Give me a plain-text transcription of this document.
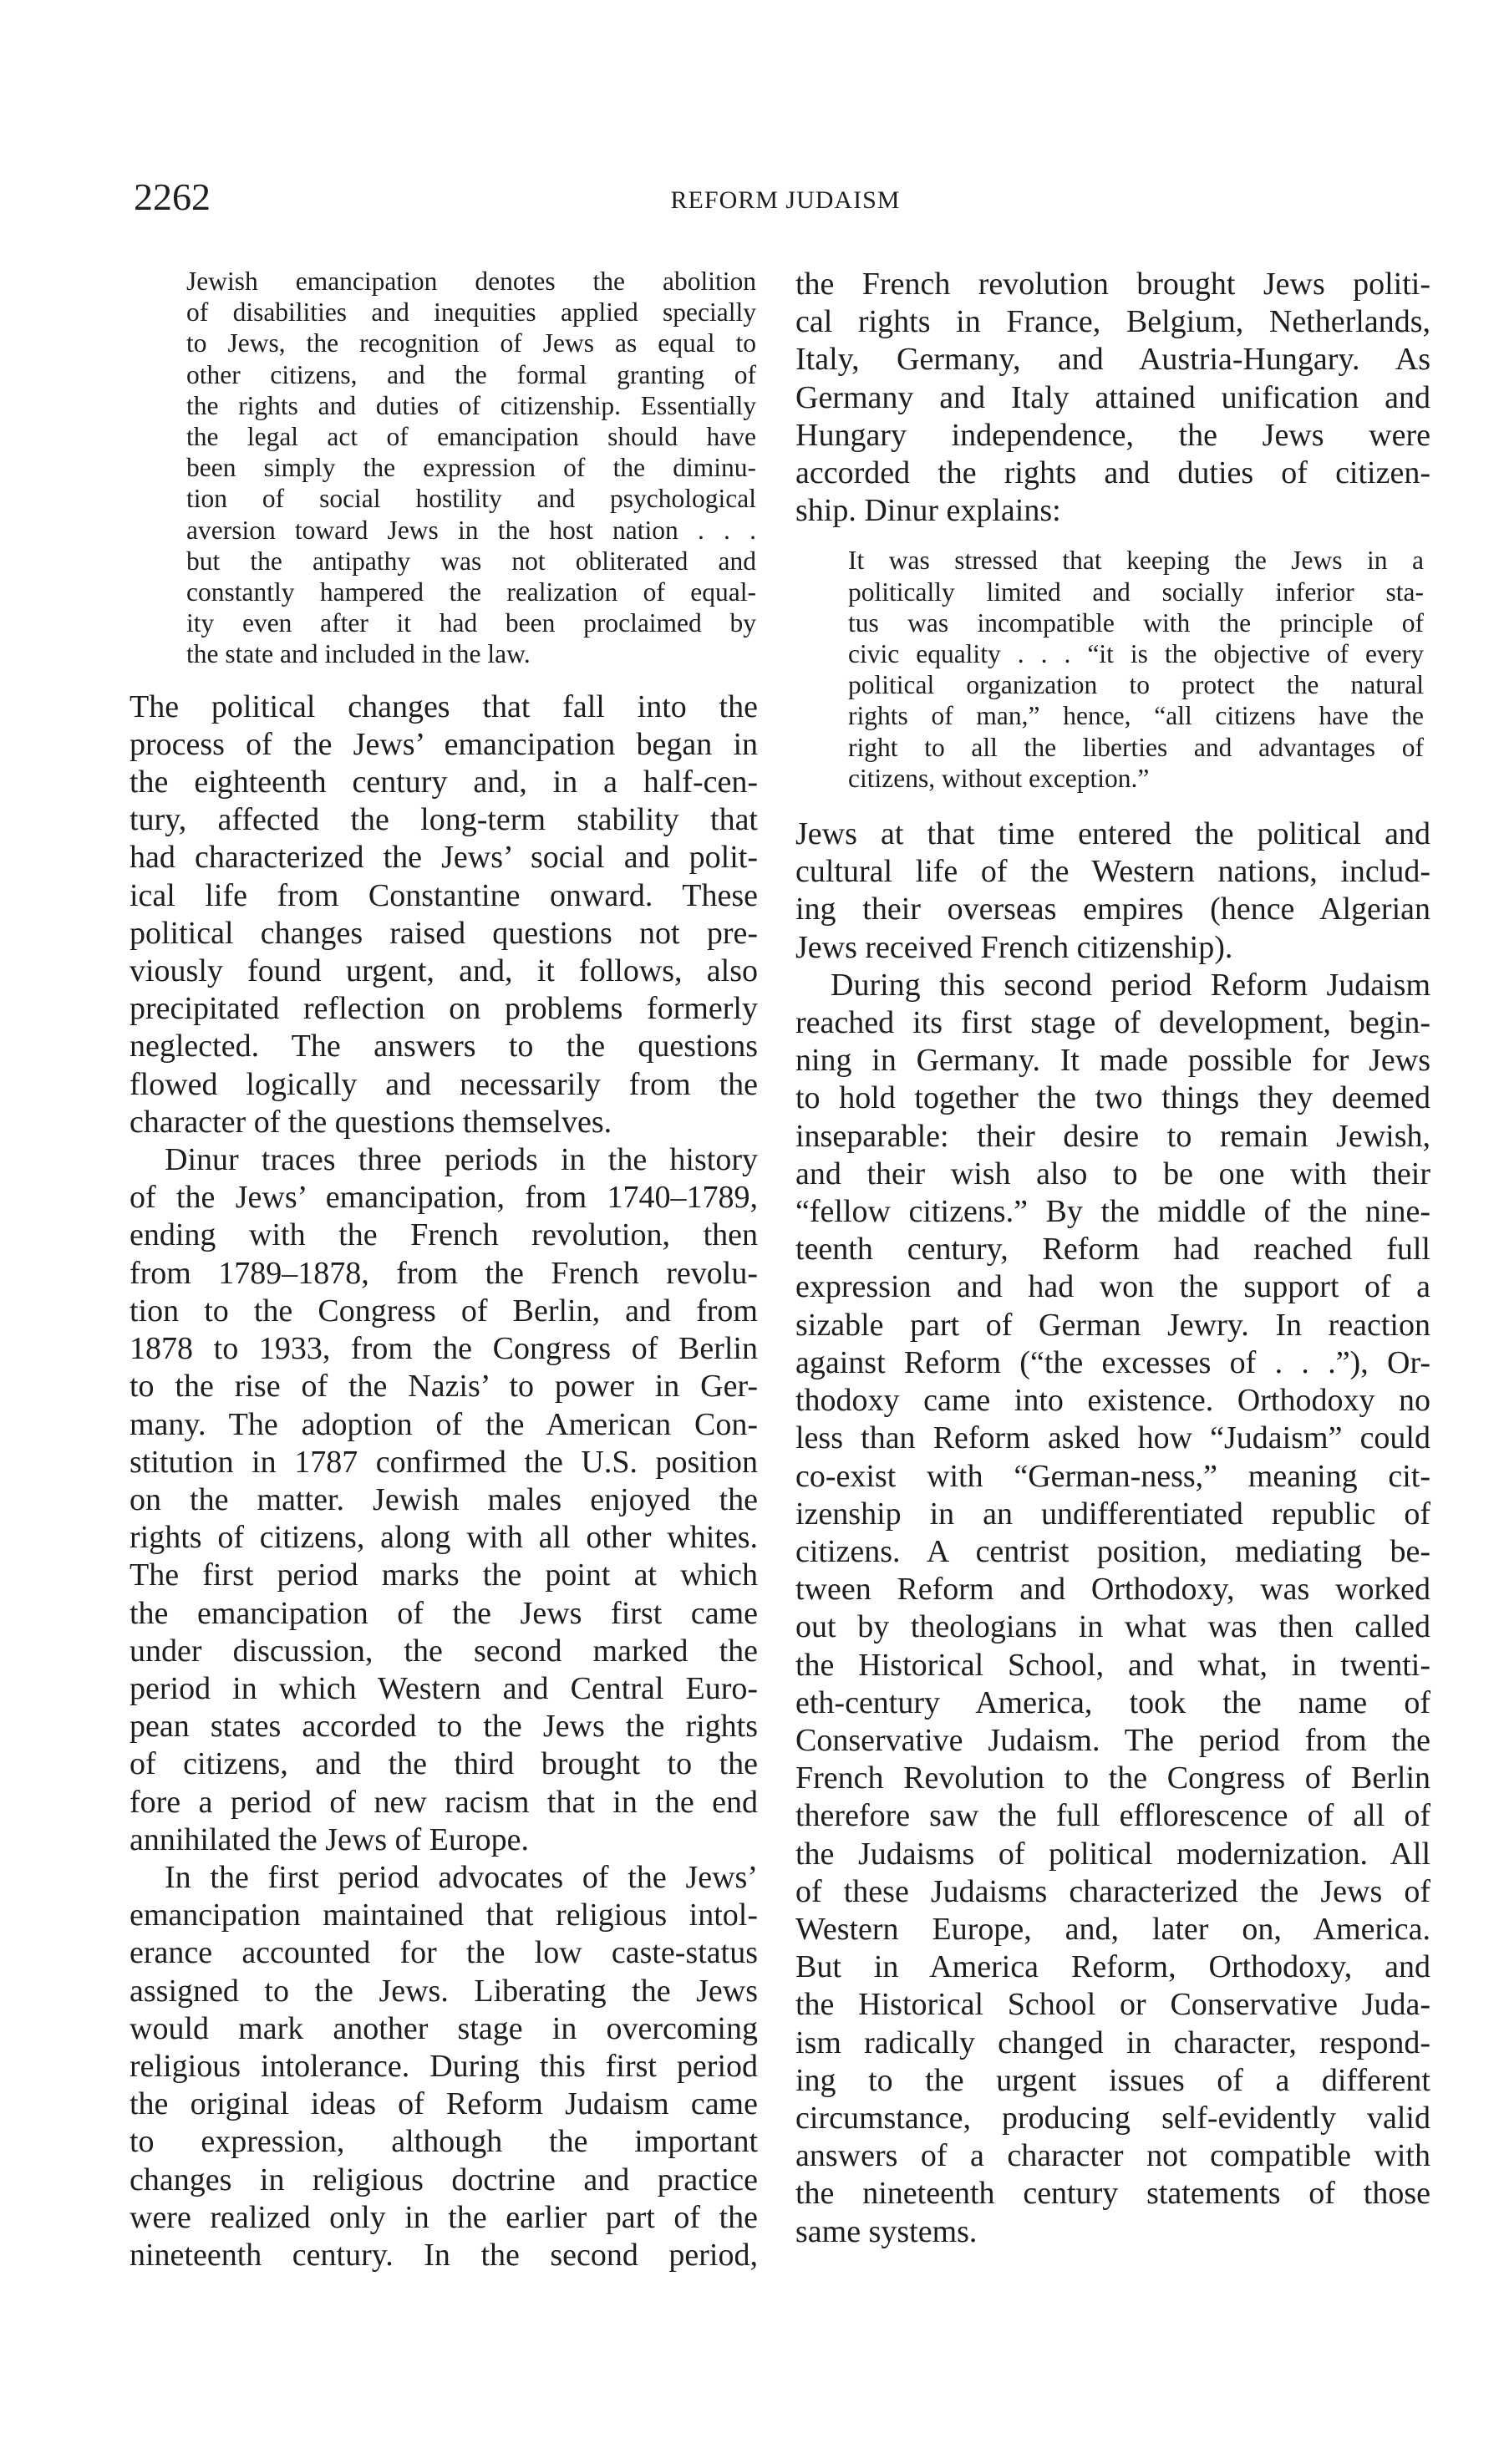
2262	REFORM JUDAISM
Jewish emancipation denotes the abolition
of disabilities and inequities applied specially
to Jews, the recognition of Jews as equal to
other citizens, and the formal granting of
the rights and duties of citizenship. Essentially
the legal act of emancipation should have
been simply the expression of the diminu-
tion of social hostility and psychological
aversion toward Jews in the host nation . . .
but the antipathy was not obliterated and
constantly hampered the realization of equal-
ity even after it had been proclaimed by
the state and included in the law.
The political changes that fall into the
process of the Jews’ emancipation began in
the eighteenth century and, in a half-cen-
tury, affected the long-term stability that
had characterized the Jews’ social and polit-
ical life from Constantine onward. These
political changes raised questions not pre-
viously found urgent, and, it follows, also
precipitated reflection on problems formerly
neglected. The answers to the questions
flowed logically and necessarily from the
character of the questions themselves.
Dinur traces three periods in the history
of the Jews’ emancipation, from 1740–1789,
ending with the French revolution, then
from 1789–1878, from the French revolu-
tion to the Congress of Berlin, and from
1878 to 1933, from the Congress of Berlin
to the rise of the Nazis’ to power in Ger-
many. The adoption of the American Con-
stitution in 1787 confirmed the U.S. position
on the matter. Jewish males enjoyed the
rights of citizens, along with all other whites.
The first period marks the point at which
the emancipation of the Jews first came
under discussion, the second marked the
period in which Western and Central Euro-
pean states accorded to the Jews the rights
of citizens, and the third brought to the
fore a period of new racism that in the end
annihilated the Jews of Europe.
In the first period advocates of the Jews’
emancipation maintained that religious intol-
erance accounted for the low caste-status
assigned to the Jews. Liberating the Jews
would mark another stage in overcoming
religious intolerance. During this first period
the original ideas of Reform Judaism came
to expression, although the important
changes in religious doctrine and practice
were realized only in the earlier part of the
nineteenth century. In the second period,
the French revolution brought Jews politi-
cal rights in France, Belgium, Netherlands,
Italy, Germany, and Austria-Hungary. As
Germany and Italy attained unification and
Hungary independence, the Jews were
accorded the rights and duties of citizen-
ship. Dinur explains:
It was stressed that keeping the Jews in a
politically limited and socially inferior sta-
tus was incompatible with the principle of
civic equality . . . “it is the objective of every
political organization to protect the natural
rights of man,” hence, “all citizens have the
right to all the liberties and advantages of
citizens, without exception.”
Jews at that time entered the political and
cultural life of the Western nations, includ-
ing their overseas empires (hence Algerian
Jews received French citizenship).
During this second period Reform Judaism
reached its first stage of development, begin-
ning in Germany. It made possible for Jews
to hold together the two things they deemed
inseparable: their desire to remain Jewish,
and their wish also to be one with their
“fellow citizens.” By the middle of the nine-
teenth century, Reform had reached full
expression and had won the support of a
sizable part of German Jewry. In reaction
against Reform (“the excesses of . . .”), Or-
thodoxy came into existence. Orthodoxy no
less than Reform asked how “Judaism” could
co-exist with “German-ness,” meaning cit-
izenship in an undifferentiated republic of
citizens. A centrist position, mediating be-
tween Reform and Orthodoxy, was worked
out by theologians in what was then called
the Historical School, and what, in twenti-
eth-century America, took the name of
Conservative Judaism. The period from the
French Revolution to the Congress of Berlin
therefore saw the full efflorescence of all of
the Judaisms of political modernization. All
of these Judaisms characterized the Jews of
Western Europe, and, later on, America.
But in America Reform, Orthodoxy, and
the Historical School or Conservative Juda-
ism radically changed in character, respond-
ing to the urgent issues of a different
circumstance, producing self-evidently valid
answers of a character not compatible with
the nineteenth century statements of those
same systems.
